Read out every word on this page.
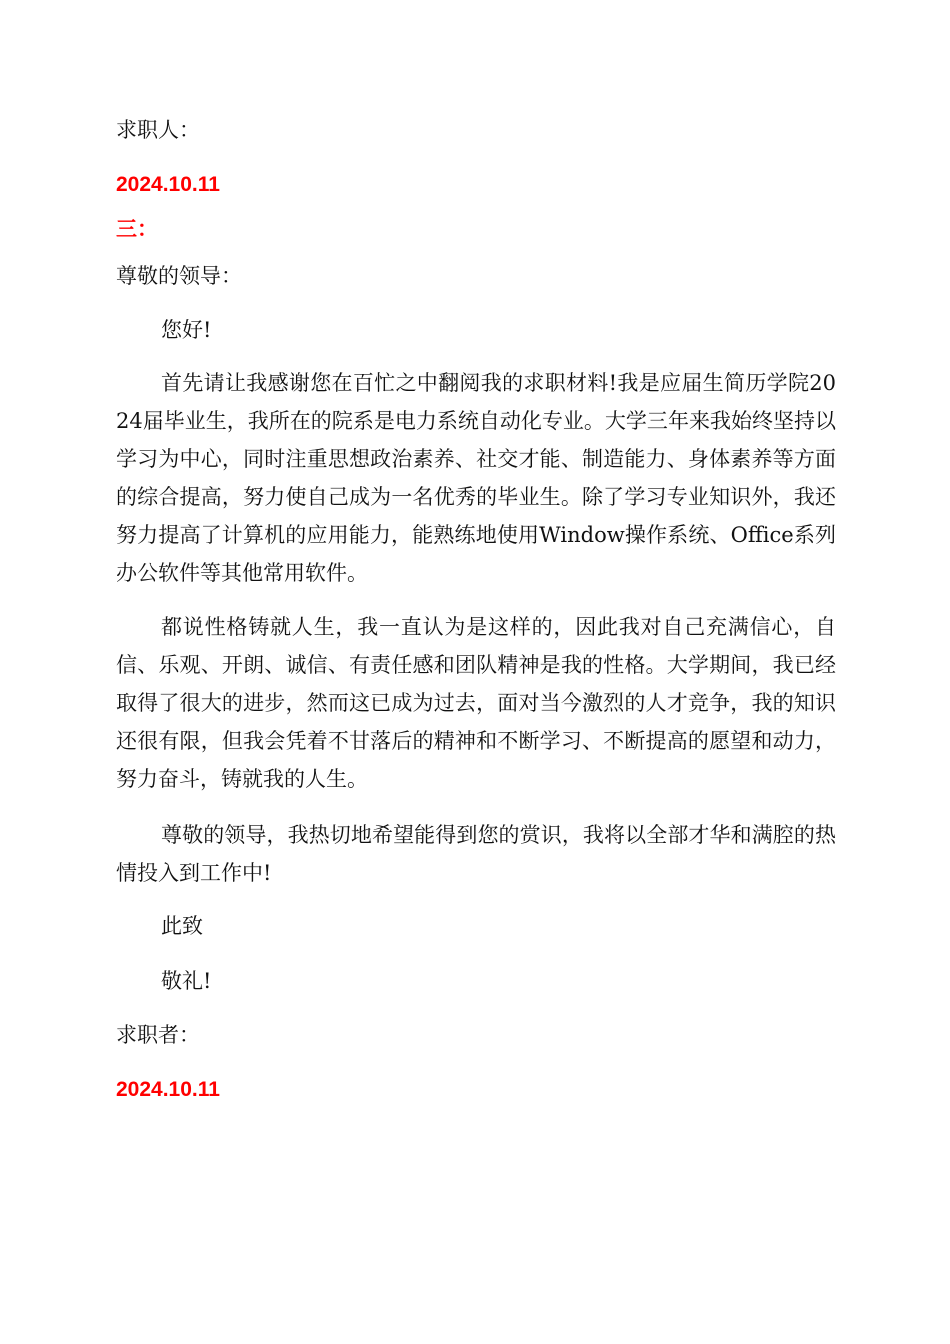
求职人：

2024.10.11

三：

尊敬的领导：

您好!

首先请让我感谢您在百忙之中翻阅我的求职材料!我是应届生简历学院2024届毕业生，我所在的院系是电力系统自动化专业。大学三年来我始终坚持以学习为中心，同时注重思想政治素养、社交才能、制造能力、身体素养等方面的综合提高，努力使自己成为一名优秀的毕业生。除了学习专业知识外，我还努力提高了计算机的应用能力，能熟练地使用Window操作系统、Office系列办公软件等其他常用软件。

都说性格铸就人生，我一直认为是这样的，因此我对自己充满信心，自信、乐观、开朗、诚信、有责任感和团队精神是我的性格。大学期间，我已经取得了很大的进步，然而这已成为过去，面对当今激烈的人才竞争，我的知识还很有限，但我会凭着不甘落后的精神和不断学习、不断提高的愿望和动力，努力奋斗，铸就我的人生。

尊敬的领导，我热切地希望能得到您的赏识，我将以全部才华和满腔的热情投入到工作中!

此致

敬礼!

求职者：

2024.10.11
